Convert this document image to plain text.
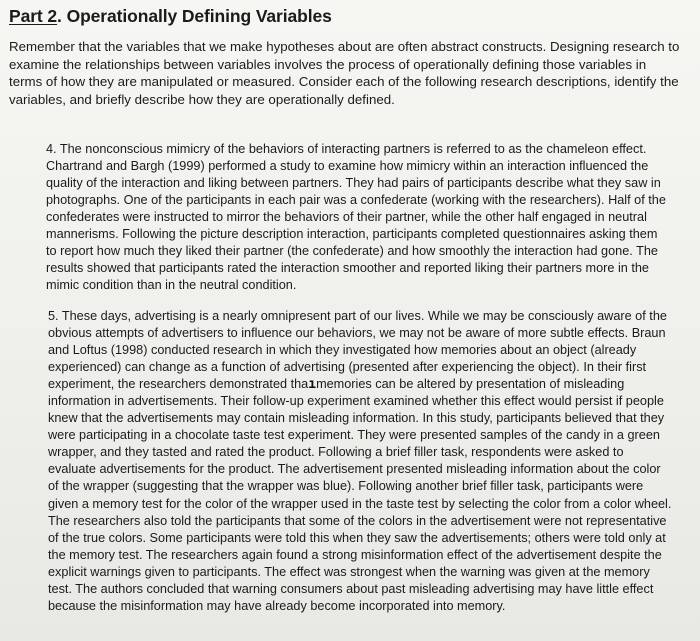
Part 2. Operationally Defining Variables

Remember that the variables that we make hypotheses about are often abstract constructs. Designing research to examine the relationships between variables involves the process of operationally defining those variables in terms of how they are manipulated or measured. Consider each of the following research descriptions, identify the variables, and briefly describe how they are operationally defined.

4. The nonconscious mimicry of the behaviors of interacting partners is referred to as the chameleon effect. Chartrand and Bargh (1999) performed a study to examine how mimicry within an interaction influenced the quality of the interaction and liking between partners. They had pairs of participants describe what they saw in photographs. One of the participants in each pair was a confederate (working with the researchers). Half of the confederates were instructed to mirror the behaviors of their partner, while the other half engaged in neutral mannerisms. Following the picture description interaction, participants completed questionnaires asking them to report how much they liked their partner (the confederate) and how smoothly the interaction had gone. The results showed that participants rated the interaction smoother and reported liking their partners more in the mimic condition than in the neutral condition.

5. These days, advertising is a nearly omnipresent part of our lives. While we may be consciously aware of the obvious attempts of advertisers to influence our behaviors, we may not be aware of more subtle effects. Braun and Loftus (1998) conducted research in which they investigated how memories about an object (already experienced) can change as a function of advertising (presented after experiencing the object). In their first experiment, the researchers demonstrated thaımemories can be altered by presentation of misleading information in advertisements. Their follow-up experiment examined whether this effect would persist if people knew that the advertisements may contain misleading information. In this study, participants believed that they were participating in a chocolate taste test experiment. They were presented samples of the candy in a green wrapper, and they tasted and rated the product. Following a brief filler task, respondents were asked to evaluate advertisements for the product. The advertisement presented misleading information about the color of the wrapper (suggesting that the wrapper was blue). Following another brief filler task, participants were given a memory test for the color of the wrapper used in the taste test by selecting the color from a color wheel. The researchers also told the participants that some of the colors in the advertisement were not representative of the true colors. Some participants were told this when they saw the advertisements; others were told only at the memory test. The researchers again found a strong misinformation effect of the advertisement despite the explicit warnings given to participants. The effect was strongest when the warning was given at the memory test. The authors concluded that warning consumers about past misleading advertising may have little effect because the misinformation may have already become incorporated into memory.
